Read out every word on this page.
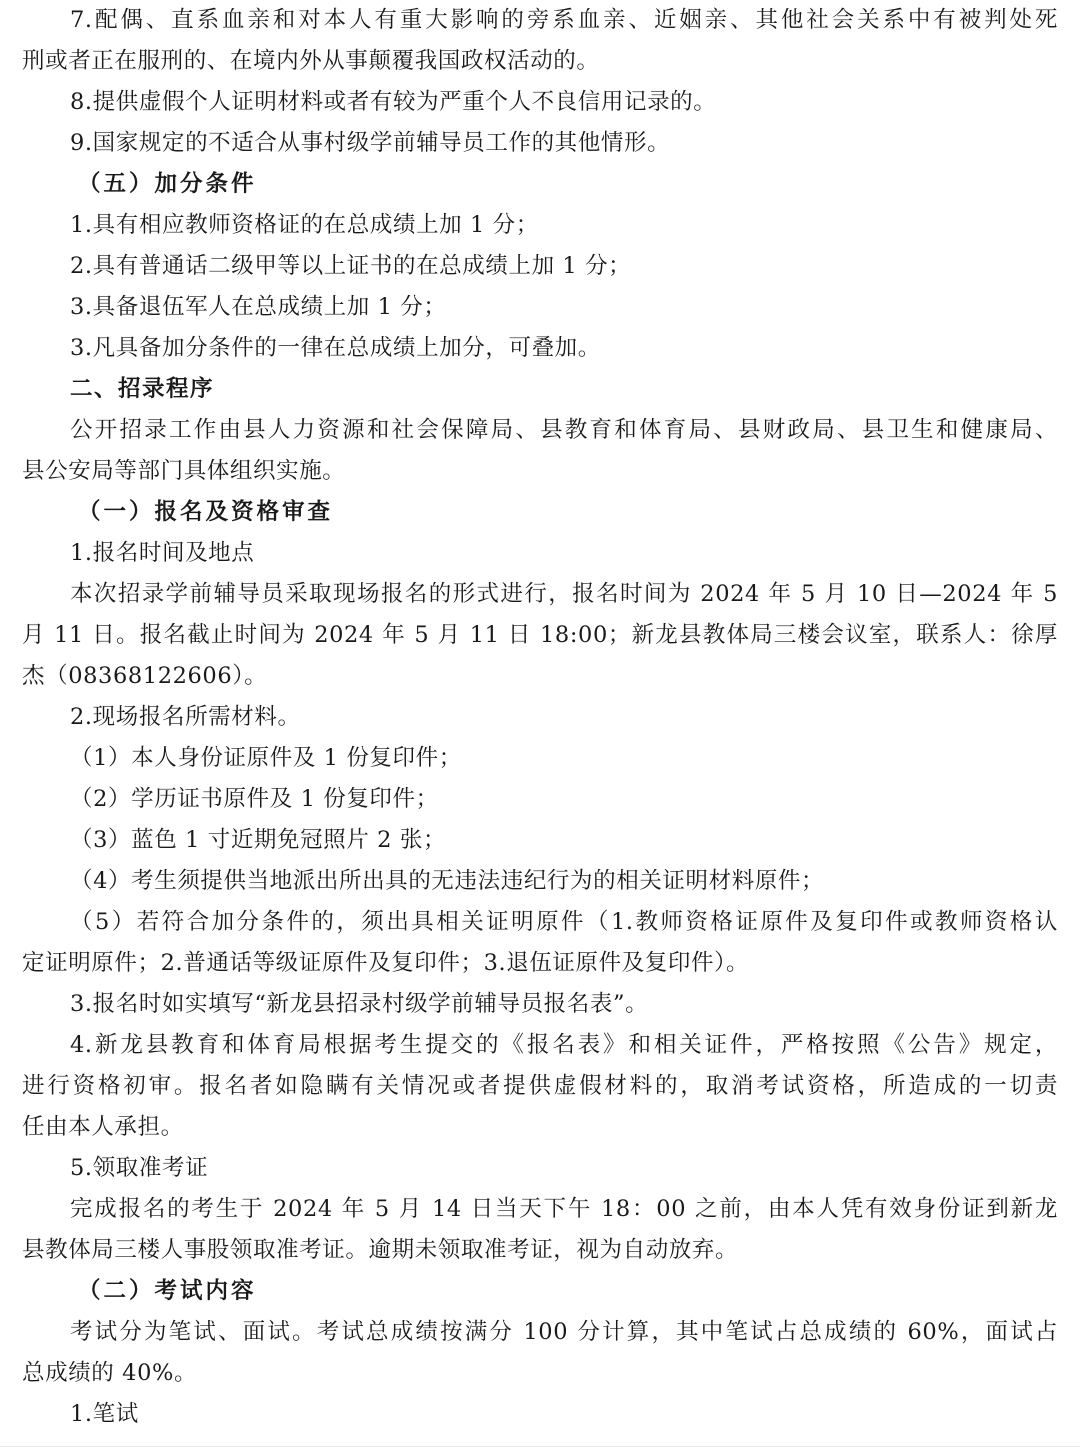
7.配偶、直系血亲和对本人有重大影响的旁系血亲、近姻亲、其他社会关系中有被判处死
刑或者正在服刑的、在境内外从事颠覆我国政权活动的。
8.提供虚假个人证明材料或者有较为严重个人不良信用记录的。
9.国家规定的不适合从事村级学前辅导员工作的其他情形。
（五）加分条件
1.具有相应教师资格证的在总成绩上加 1 分；
2.具有普通话二级甲等以上证书的在总成绩上加 1 分；
3.具备退伍军人在总成绩上加 1 分；
3.凡具备加分条件的一律在总成绩上加分，可叠加。
二、招录程序
公开招录工作由县人力资源和社会保障局、县教育和体育局、县财政局、县卫生和健康局、
县公安局等部门具体组织实施。
（一）报名及资格审查
1.报名时间及地点
本次招录学前辅导员采取现场报名的形式进行，报名时间为 2024 年 5 月 10 日—2024 年 5
月 11 日。报名截止时间为 2024 年 5 月 11 日 18:00；新龙县教体局三楼会议室，联系人：徐厚
杰（08368122606）。
2.现场报名所需材料。
（1）本人身份证原件及 1 份复印件；
（2）学历证书原件及 1 份复印件；
（3）蓝色 1 寸近期免冠照片 2 张；
（4）考生须提供当地派出所出具的无违法违纪行为的相关证明材料原件；
（5）若符合加分条件的，须出具相关证明原件（1.教师资格证原件及复印件或教师资格认
定证明原件；2.普通话等级证原件及复印件；3.退伍证原件及复印件）。
3.报名时如实填写“新龙县招录村级学前辅导员报名表”。
4.新龙县教育和体育局根据考生提交的《报名表》和相关证件，严格按照《公告》规定，
进行资格初审。报名者如隐瞒有关情况或者提供虚假材料的，取消考试资格，所造成的一切责
任由本人承担。
5.领取准考证
完成报名的考生于 2024 年 5 月 14 日当天下午 18：00 之前，由本人凭有效身份证到新龙
县教体局三楼人事股领取准考证。逾期未领取准考证，视为自动放弃。
（二）考试内容
考试分为笔试、面试。考试总成绩按满分 100 分计算，其中笔试占总成绩的 60%，面试占
总成绩的 40%。
1.笔试
